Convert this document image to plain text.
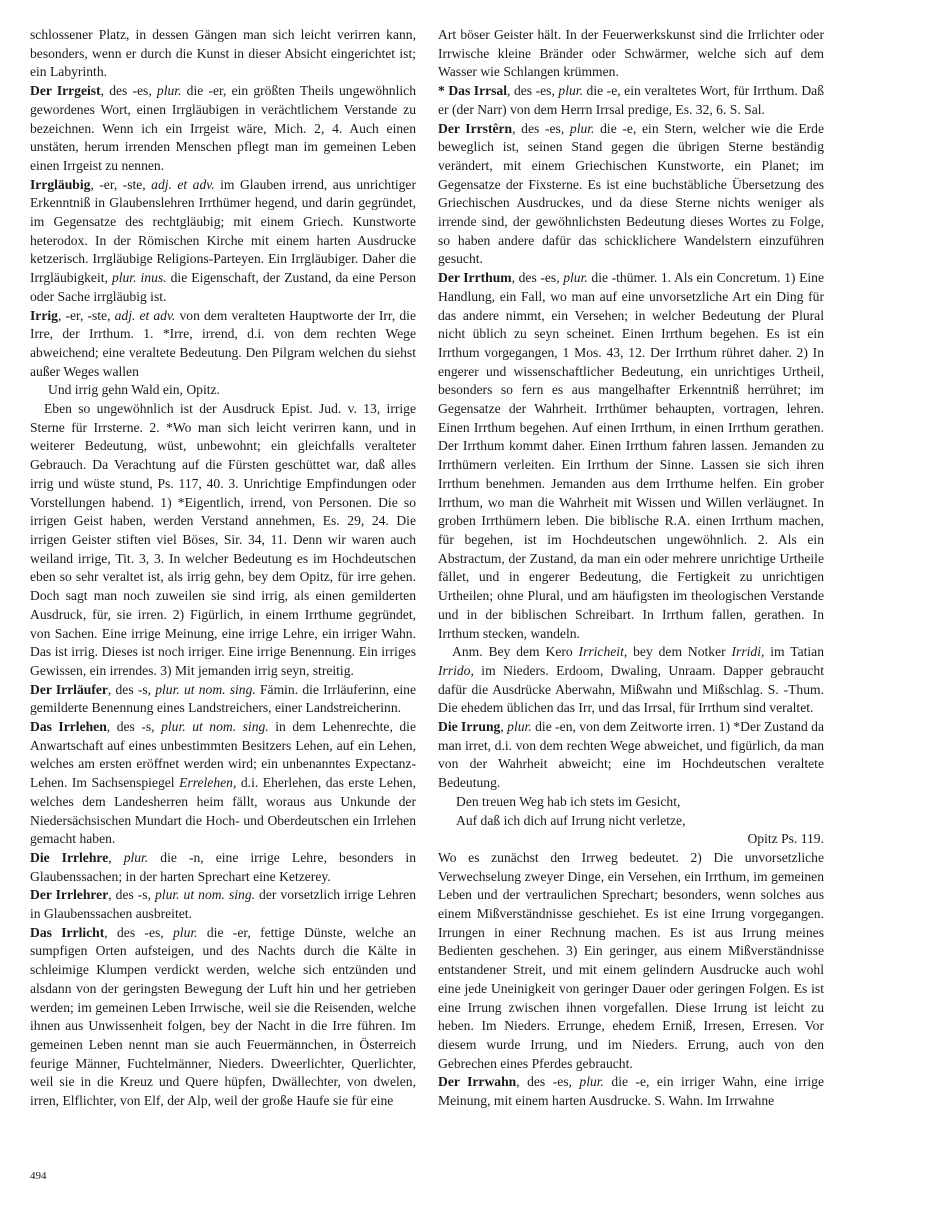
schlossener Platz, in dessen Gängen man sich leicht verirren kann, besonders, wenn er durch die Kunst in dieser Absicht eingerichtet ist; ein Labyrinth.

Der Irrgeist, des -es, plur. die -er, ein größten Theils ungewöhnlich gewordenes Wort, einen Irrgläubigen in verächtlichem Verstande zu bezeichnen. Wenn ich ein Irrgeist wäre, Mich. 2, 4. Auch einen unstäten, herum irrenden Menschen pflegt man im gemeinen Leben einen Irrgeist zu nennen.

Irrgläubig, -er, -ste, adj. et adv. im Glauben irrend, aus unrichtiger Erkenntniß in Glaubenslehren Irrthümer hegend, und darin gegründet, im Gegensatze des rechtgläubig; mit einem Griech. Kunstworte heterodox. In der Römischen Kirche mit einem harten Ausdrucke ketzerisch. Irrgläubige Religions-Parteyen. Ein Irrgläubiger. Daher die Irrgläubigkeit, plur. inus. die Eigenschaft, der Zustand, da eine Person oder Sache irrgläubig ist.

Irrig, -er, -ste, adj. et adv. von dem veralteten Hauptworte der Irr, die Irre, der Irrthum. 1. *Irre, irrend, d.i. von dem rechten Wege abweichend; eine veraltete Bedeutung. Den Pilgram welchen du siehst außer Weges wallen

Und irrig gehn Wald ein, Opitz.

Eben so ungewöhnlich ist der Ausdruck Epist. Jud. v. 13, irrige Sterne für Irrsterne. 2. *Wo man sich leicht verirren kann, und in weiterer Bedeutung, wüst, unbewohnt; ein gleichfalls veralteter Gebrauch. Da Verachtung auf die Fürsten geschüttet war, daß alles irrig und wüste stund, Ps. 117, 40. 3. Unrichtige Empfindungen oder Vorstellungen habend. 1) *Eigentlich, irrend, von Personen. Die so irrigen Geist haben, werden Verstand annehmen, Es. 29, 24. Die irrigen Geister stiften viel Böses, Sir. 34, 11. Denn wir waren auch weiland irrige, Tit. 3, 3. In welcher Bedeutung es im Hochdeutschen eben so sehr veraltet ist, als irrig gehn, bey dem Opitz, für irre gehen. Doch sagt man noch zuweilen sie sind irrig, als einen gemilderten Ausdruck, für, sie irren. 2) Figürlich, in einem Irrthume gegründet, von Sachen. Eine irrige Meinung, eine irrige Lehre, ein irriger Wahn. Das ist irrig. Dieses ist noch irriger. Eine irrige Benennung. Ein irriges Gewissen, ein irrendes. 3) Mit jemanden irrig seyn, streitig.

Der Irrläufer, des -s, plur. ut nom. sing. Fämin. die Irrläuferinn, eine gemilderte Benennung eines Landstreichers, einer Landstreicherinn.

Das Irrlehen, des -s, plur. ut nom. sing. in dem Lehenrechte, die Anwartschaft auf eines unbestimmten Besitzers Lehen, auf ein Lehen, welches am ersten eröffnet werden wird; ein unbenanntes Expectanz-Lehen. Im Sachsenspiegel Errelehen, d.i. Eherlehen, das erste Lehen, welches dem Landesherren heim fällt, woraus aus Unkunde der Niedersächsischen Mundart die Hoch- und Oberdeutschen ein Irrlehen gemacht haben.

Die Irrlehre, plur. die -n, eine irrige Lehre, besonders in Glaubenssachen; in der harten Sprechart eine Ketzerey.

Der Irrlehrer, des -s, plur. ut nom. sing. der vorsetzlich irrige Lehren in Glaubenssachen ausbreitet.

Das Irrlicht, des -es, plur. die -er, fettige Dünste, welche an sumpfigen Orten aufsteigen, und des Nachts durch die Kälte in schleimige Klumpen verdickt werden, welche sich entzünden und alsdann von der geringsten Bewegung der Luft hin und her getrieben werden; im gemeinen Leben Irrwische, weil sie die Reisenden, welche ihnen aus Unwissenheit folgen, bey der Nacht in die Irre führen. Im gemeinen Leben nennt man sie auch Feuermännchen, in Österreich feurige Männer, Fuchtelmänner, Nieders. Dweerlichter, Querlichter, weil sie in die Kreuz und Quere hüpfen, Dwällechter, von dwelen, irren, Elflichter, von Elf, der Alp, weil der große Haufe sie für eine

Art böser Geister hält. In der Feuerwerkskunst sind die Irrlichter oder Irrwische kleine Bränder oder Schwärmer, welche sich auf dem Wasser wie Schlangen krümmen.

* Das Irrsal, des -es, plur. die -e, ein veraltetes Wort, für Irrthum. Daß er (der Narr) von dem Herrn Irrsal predige, Es. 32, 6. S. Sal.

Der Irrstêrn, des -es, plur. die -e, ein Stern, welcher wie die Erde beweglich ist, seinen Stand gegen die übrigen Sterne beständig verändert, mit einem Griechischen Kunstworte, ein Planet; im Gegensatze der Fixsterne. Es ist eine buchstäbliche Übersetzung des Griechischen Ausdruckes, und da diese Sterne nichts weniger als irrende sind, der gewöhnlichsten Bedeutung dieses Wortes zu Folge, so haben andere dafür das schicklichere Wandelstern einzuführen gesucht.

Der Irrthum, des -es, plur. die -thümer. 1. Als ein Concretum. 1) Eine Handlung, ein Fall, wo man auf eine unvorsetzliche Art ein Ding für das andere nimmt, ein Versehen; in welcher Bedeutung der Plural nicht üblich zu seyn scheinet. Einen Irrthum begehen. Es ist ein Irrthum vorgegangen, 1 Mos. 43, 12. Der Irrthum rühret daher. 2) In engerer und wissenschaftlicher Bedeutung, ein unrichtiges Urtheil, besonders so fern es aus mangelhafter Erkenntniß herrühret; im Gegensatze der Wahrheit. Irrthümer behaupten, vortragen, lehren. Einen Irrthum begehen. Auf einen Irrthum, in einen Irrthum gerathen. Der Irrthum kommt daher. Einen Irrthum fahren lassen. Jemanden zu Irrthümern verleiten. Ein Irrthum der Sinne. Lassen sie sich ihren Irrthum benehmen. Jemanden aus dem Irrthume helfen. Ein grober Irrthum, wo man die Wahrheit mit Wissen und Willen verläugnet. In groben Irrthümern leben. Die biblische R.A. einen Irrthum machen, für begehen, ist im Hochdeutschen ungewöhnlich. 2. Als ein Abstractum, der Zustand, da man ein oder mehrere unrichtige Urtheile fället, und in engerer Bedeutung, die Fertigkeit zu unrichtigen Urtheilen; ohne Plural, und am häufigsten im theologischen Verstande und in der biblischen Schreibart. In Irrthum fallen, gerathen. In Irrthum stecken, wandeln.

Anm. Bey dem Kero Irricheit, bey dem Notker Irridi, im Tatian Irrido, im Nieders. Erdoom, Dwaling, Unraam. Dapper gebraucht dafür die Ausdrücke Aberwahn, Mißwahn und Mißschlag. S. -Thum. Die ehedem üblichen das Irr, und das Irrsal, für Irrthum sind veraltet.

Die Irrung, plur. die -en, von dem Zeitworte irren. 1) *Der Zustand da man irret, d.i. von dem rechten Wege abweichet, und figürlich, da man von der Wahrheit abweicht; eine im Hochdeutschen veraltete Bedeutung.

Den treuen Weg hab ich stets im Gesicht,

Auf daß ich dich auf Irrung nicht verletze,

Opitz Ps. 119.

Wo es zunächst den Irrweg bedeutet. 2) Die unvorsetzliche Verwechselung zweyer Dinge, ein Versehen, ein Irrthum, im gemeinen Leben und der vertraulichen Sprechart; besonders, wenn solches aus einem Mißverständnisse geschiehet. Es ist eine Irrung vorgegangen. Irrungen in einer Rechnung machen. Es ist aus Irrung meines Bedienten geschehen. 3) Ein geringer, aus einem Mißverständnisse entstandener Streit, und mit einem gelindern Ausdrucke auch wohl eine jede Uneinigkeit von geringer Dauer oder geringen Folgen. Es ist eine Irrung zwischen ihnen vorgefallen. Diese Irrung ist leicht zu heben. Im Nieders. Errunge, ehedem Erniß, Irresen, Erresen. Vor diesem wurde Irrung, und im Nieders. Errung, auch von den Gebrechen eines Pferdes gebraucht.

Der Irrwahn, des -es, plur. die -e, ein irriger Wahn, eine irrige Meinung, mit einem harten Ausdrucke. S. Wahn. Im Irrwahne

494
